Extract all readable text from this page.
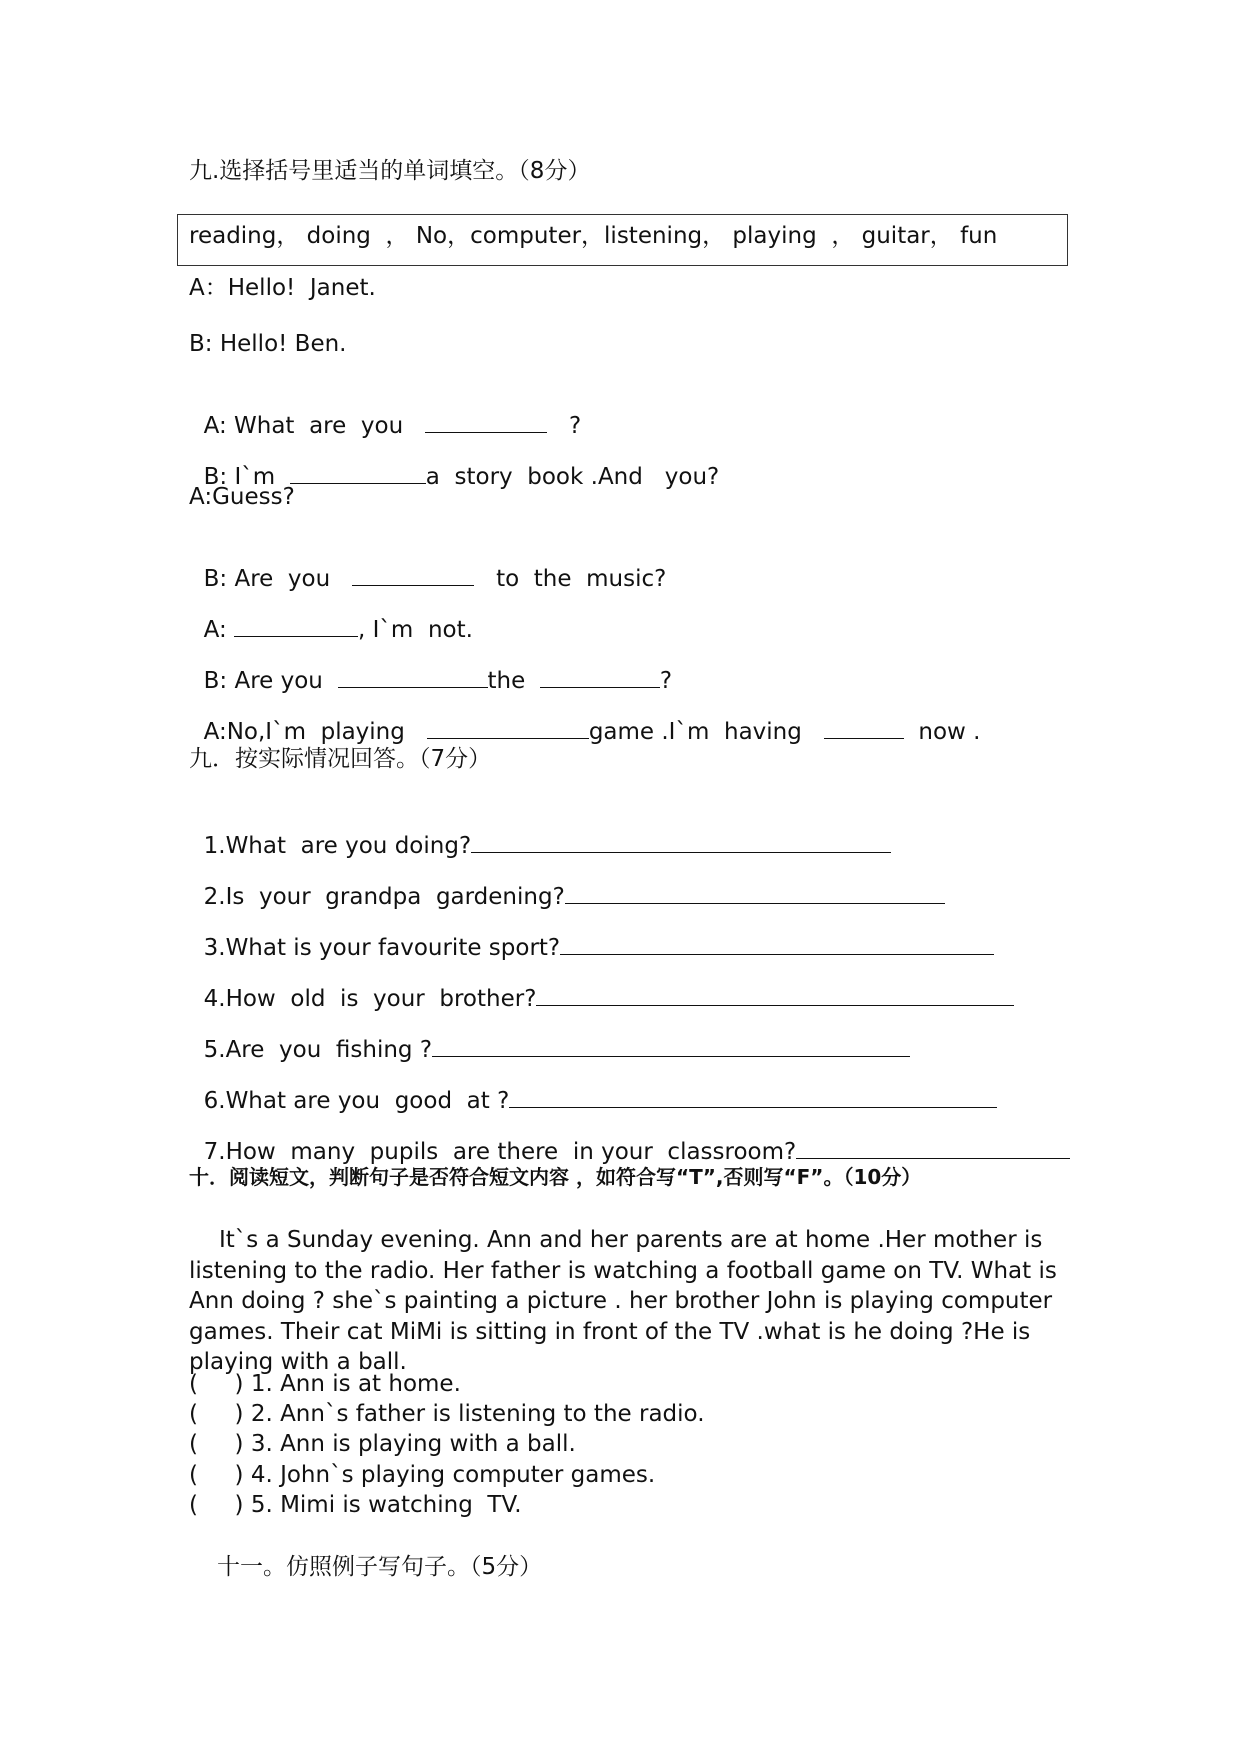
九.选择括号里适当的单词填空。（8分）
reading， doing  ， No，computer，listening， playing  ， guitar， fun
A：Hello!  Janet.
B: Hello! Ben.

A: What  are  you	?

B: I`m	a  story  book .And   you?

A:Guess?

B: Are  you	to  the  music?

A:	, I`m  not.

B: Are you	the	?

A:No,I`m  playing	game .I`m  having	now .

九．按实际情况回答。（7分）

1.What  are you doing?

2.Is  your  grandpa  gardening?

3.What is your favourite sport?

4.How  old  is  your  brother?

5.Are  you  fishing ?

6.What are you  good  at ?

7.How  many  pupils  are there  in your  classroom?

十．阅读短文，判断句子是否符合短文内容 ，如符合写“T”,否则写“F”。（10分）
It`s a Sunday evening. Ann and her parents are at home .Her mother is listening to the radio. Her father is watching a football game on TV. What is Ann doing ? she`s painting a picture . her brother John is playing computer games. Their cat MiMi is sitting in front of the TV .what is he doing ?He is playing with a ball.
(     ) 1. Ann is at home.
(     ) 2. Ann`s father is listening to the radio.
(     ) 3. Ann is playing with a ball.
(     ) 4. John`s playing computer games.
(     ) 5. Mimi is watching  TV.
十一。仿照例子写句子。（5分）
